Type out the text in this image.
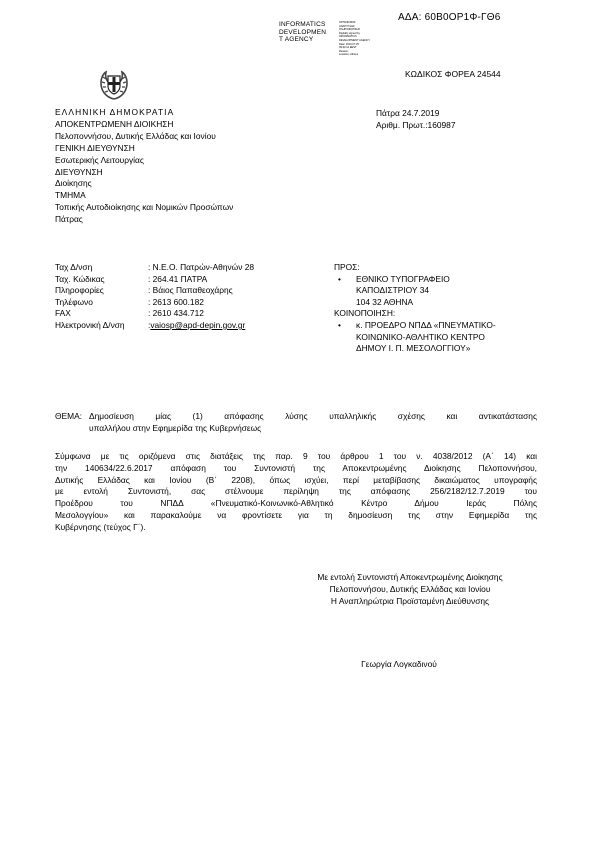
ΑΔΑ: 60Β0ΟΡ1Φ-ΓΘ6
INFORMATICS
DEVELOPMEN
T AGENCY
ΟΡΓΑΝΙΣΜΟΣ
ΑΝΑΠΤΥΞΗΣ
ΠΛΗΡΟΦΟΡΙΚΗΣ
Digitally signed by
INFORMATICS
DEVELOPMENT AGENCY
Date: 2019.07.25
09:33:12 EEST
Reason:
Location: Athens
ΚΩΔΙΚΟΣ ΦΟΡΕΑ 24544
ΕΛΛΗΝΙΚΗ ΔΗΜΟΚΡΑΤΙΑ
ΑΠΟΚΕΝΤΡΩΜΕΝΗ ΔΙΟΙΚΗΣΗ
Πελοποννήσου, Δυτικής Ελλάδας και Ιονίου
ΓΕΝΙΚΗ ΔΙΕΥΘΥΝΣΗ
Εσωτερικής Λειτουργίας
ΔΙΕΥΘΥΝΣΗ
Διοίκησης
ΤΜΗΜΑ
Τοπικής Αυτοδιοίκησης και Νομικών Προσώπων
Πάτρας
Πάτρα 24.7.2019
Αριθμ. Πρωτ.:160987
Ταχ Δ/νση	: Ν.Ε.Ο. Πατρών-Αθηνών 28
Ταχ. Κώδικας	: 264.41 ΠΑΤΡΑ
Πληροφορίες	: Βάιος Παπαθεοχάρης
Τηλέφωνο	: 2613 600.182
FAX	: 2610 434.712
Ηλεκτρονική Δ/νση	: vaiosp@apd-depin.gov.gr
ΠΡΟΣ:
•	ΕΘΝΙΚΟ ΤΥΠΟΓΡΑΦΕΙΟ
ΚΑΠΟΔΙΣΤΡΙΟΥ 34
104 32 ΑΘΗΝΑ
ΚΟΙΝΟΠΟΙΗΣΗ:
•	κ. ΠΡΟΕΔΡΟ ΝΠΔΔ «ΠΝΕΥΜΑΤΙΚΟ-
ΚΟΙΝΩΝΙΚΟ-ΑΘΛΗΤΙΚΟ ΚΕΝΤΡΟ
ΔΗΜΟΥ Ι. Π. ΜΕΣΟΛΟΓΓΙΟΥ»
ΘΕΜΑ: Δημοσίευση μίας (1) απόφασης λύσης υπαλληλικής σχέσης και αντικατάστασης
υπαλλήλου στην Εφημερίδα της Κυβερνήσεως
Σύμφωνα με τις οριζόμενα στις διατάξεις της παρ. 9 του άρθρου 1 του ν. 4038/2012 (Α΄ 14) και
την 140634/22.6.2017 απόφαση του Συντονιστή της Αποκεντρωμένης Διοίκησης Πελοποννήσου,
Δυτικής Ελλάδας και Ιονίου (Β΄ 2208), όπως ισχύει, περί μεταβίβασης δικαιώματος υπογραφής
με εντολή Συντονιστή, σας στέλνουμε περίληψη της απόφασης 256/2182/12.7.2019 του
Προέδρου του ΝΠΔΔ «Πνευματικό-Κοινωνικό-Αθλητικό Κέντρο Δήμου Ιεράς Πόλης
Μεσολογγίου» και παρακαλούμε να φροντίσετε για τη δημοσίευση της στην Εφημερίδα της
Κυβέρνησης (τεύχος Γ΄).
Με εντολή Συντονιστή Αποκεντρωμένης Διοίκησης
Πελοποννήσου, Δυτικής Ελλάδας και Ιονίου
Η Αναπληρώτρια Προϊσταμένη Διεύθυνσης
Γεωργία Λογκαδινού
